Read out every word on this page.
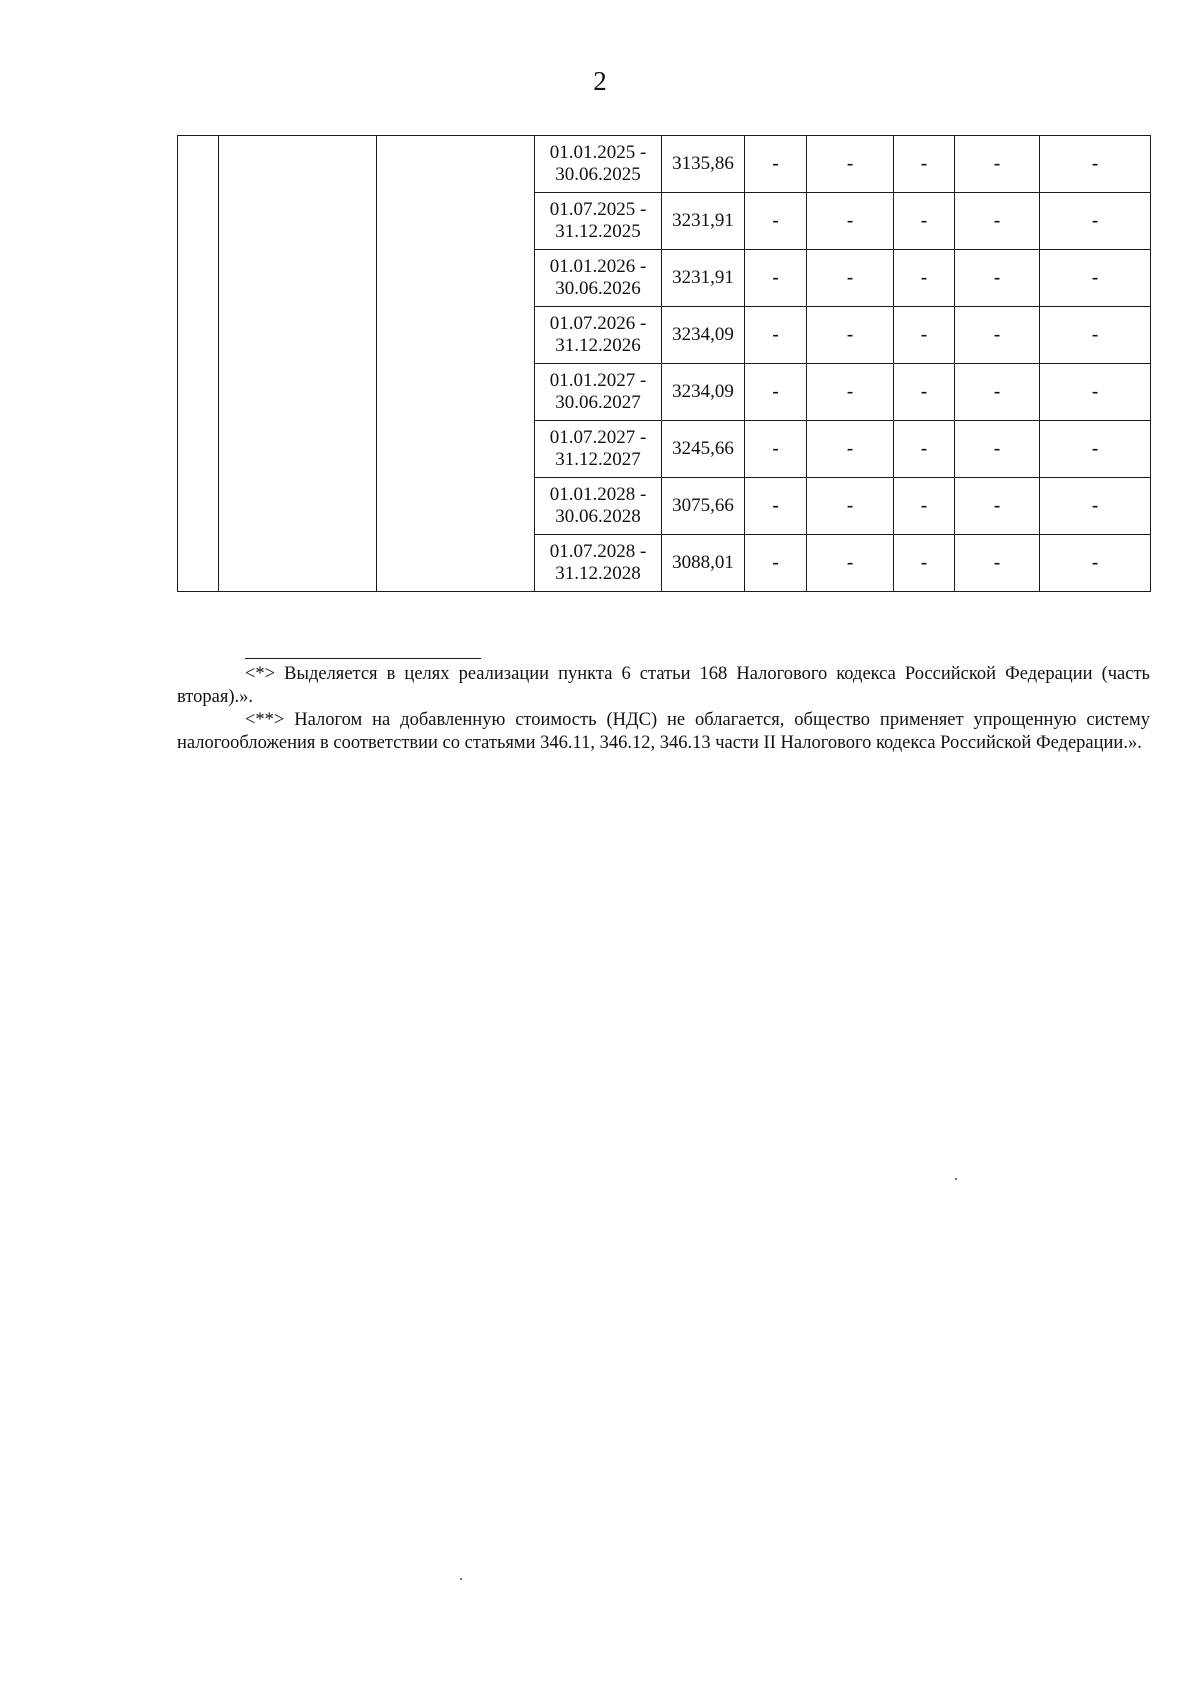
2

			01.01.2025 -
30.06.2025	3135,86	-	-	-	-	-

			01.07.2025 -
31.12.2025	3231,91	-	-	-	-	-

			01.01.2026 -
30.06.2026	3231,91	-	-	-	-	-

			01.07.2026 -
31.12.2026	3234,09	-	-	-	-	-

			01.01.2027 -
30.06.2027	3234,09	-	-	-	-	-

			01.07.2027 -
31.12.2027	3245,66	-	-	-	-	-

			01.01.2028 -
30.06.2028	3075,66	-	-	-	-	-

			01.07.2028 -
31.12.2028	3088,01	-	-	-	-	-

<*> Выделяется в целях реализации пункта 6 статьи 168 Налогового кодекса Российской Федерации (часть вторая).».

<**> Налогом на добавленную стоимость (НДС) не облагается, общество применяет упрощенную систему налогообложения в соответствии со статьями 346.11, 346.12, 346.13 части II Налогового кодекса Российской Федерации.».
